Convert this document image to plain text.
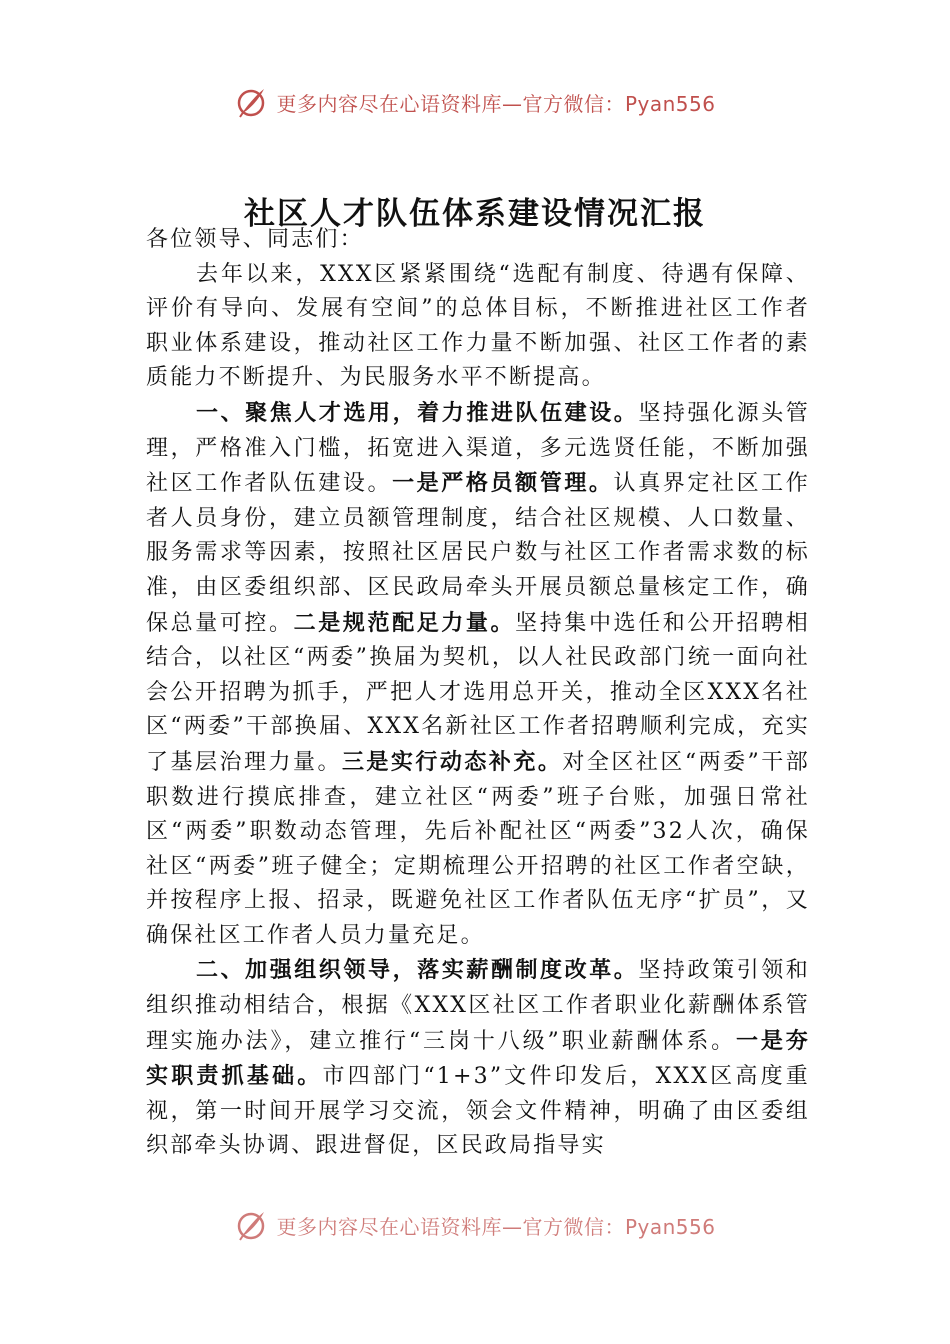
更多内容尽在心语资料库—官方微信：Pyan556
社区人才队伍体系建设情况汇报

各位领导、同志们：

去年以来，XXX区紧紧围绕“选配有制度、待遇有保障、评价有导向、发展有空间”的总体目标，不断推进社区工作者职业体系建设，推动社区工作力量不断加强、社区工作者的素质能力不断提升、为民服务水平不断提高。

一、聚焦人才选用，着力推进队伍建设。坚持强化源头管理，严格准入门槛，拓宽进入渠道，多元选贤任能，不断加强社区工作者队伍建设。一是严格员额管理。认真界定社区工作者人员身份，建立员额管理制度，结合社区规模、人口数量、服务需求等因素，按照社区居民户数与社区工作者需求数的标准，由区委组织部、区民政局牵头开展员额总量核定工作，确保总量可控。二是规范配足力量。坚持集中选任和公开招聘相结合，以社区“两委”换届为契机，以人社民政部门统一面向社会公开招聘为抓手，严把人才选用总开关，推动全区XXX名社区“两委”干部换届、XXX名新社区工作者招聘顺利完成，充实了基层治理力量。三是实行动态补充。对全区社区“两委”干部职数进行摸底排查，建立社区“两委”班子台账，加强日常社区“两委”职数动态管理，先后补配社区“两委”32人次，确保社区“两委”班子健全；定期梳理公开招聘的社区工作者空缺，并按程序上报、招录，既避免社区工作者队伍无序“扩员”，又确保社区工作者人员力量充足。

二、加强组织领导，落实薪酬制度改革。坚持政策引领和组织推动相结合，根据《XXX区社区工作者职业化薪酬体系管理实施办法》，建立推行“三岗十八级”职业薪酬体系。一是夯实职责抓基础。市四部门“1+3”文件印发后，XXX区高度重视，第一时间开展学习交流，领会文件精神，明确了由区委组织部牵头协调、跟进督促，区民政局指导实

更多内容尽在心语资料库—官方微信：Pyan556
